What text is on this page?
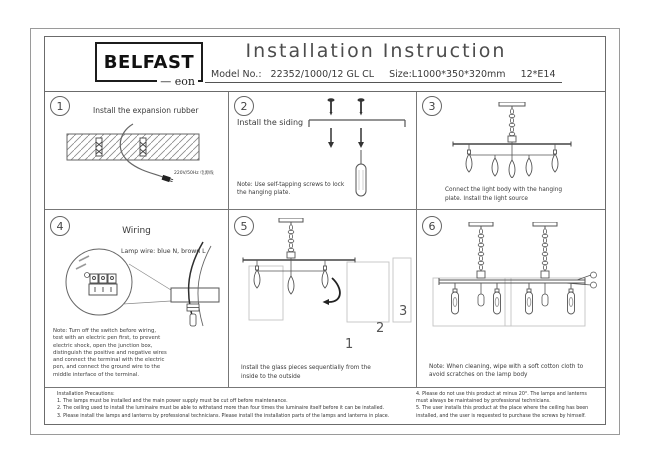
BELFAST
— eon
Installation Instruction
Model No.: 22352/1000/12 GL CL Size:L1000*350*320mm 12*E14
1	Install the expansion rubber
220V/50Hz 电源线
2
Install the siding
Note: Use self-tapping screws to lock the hanging plate.
3
Connect the light body with the hanging plate. Install the light source
4	Wiring
Lamp wire: blue N, brown L
Note: Turn off the switch before wiring, test with an electric pen first, to prevent electric shock, open the junction box, distinguish the positive and negative wires and connect the terminal with the electric pen, and connect the ground wire to the middle interface of the terminal.
5
1
2
3
Install the glass pieces sequentially from the inside to the outside
6
Note: When cleaning, wipe with a soft cotton cloth to avoid scratches on the lamp body
Installation Precautions:
1. The lamps must be installed and the main power supply must be cut off before maintenance.
2. The ceiling used to install the luminaire must be able to withstand more than four times the luminaire itself before it can be installed.
3. Please install the lamps and lanterns by professional technicians. Please install the installation parts of the lamps and lanterns in place.
4. Please do not use this product at minus 20°. The lamps and lanterns must always be maintained by professional technicians.
5. The user installs this product at the place where the ceiling has been installed, and the user is requested to purchase the screws by himself.
